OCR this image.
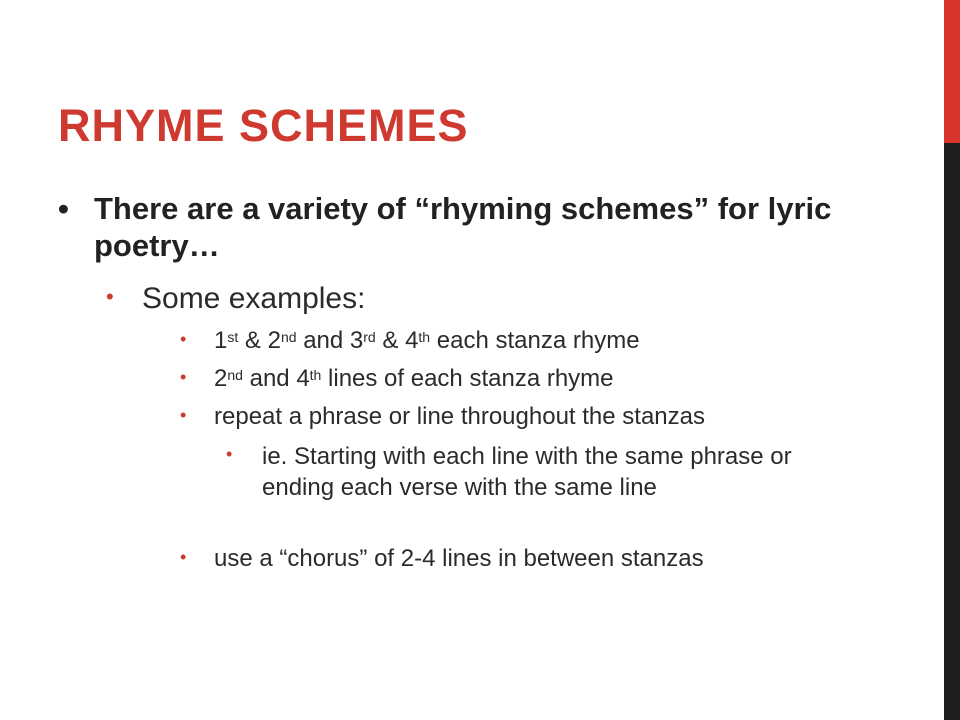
RHYME SCHEMES
• There are a variety of “rhyming schemes” for lyric poetry…
• Some examples:
• 1st & 2nd and 3rd & 4th each stanza rhyme
• 2nd and 4th lines of each stanza rhyme
• repeat a phrase or line throughout the stanzas
• ie. Starting with each line with the same phrase or ending each verse with the same line
• use a “chorus” of 2-4 lines in between stanzas
